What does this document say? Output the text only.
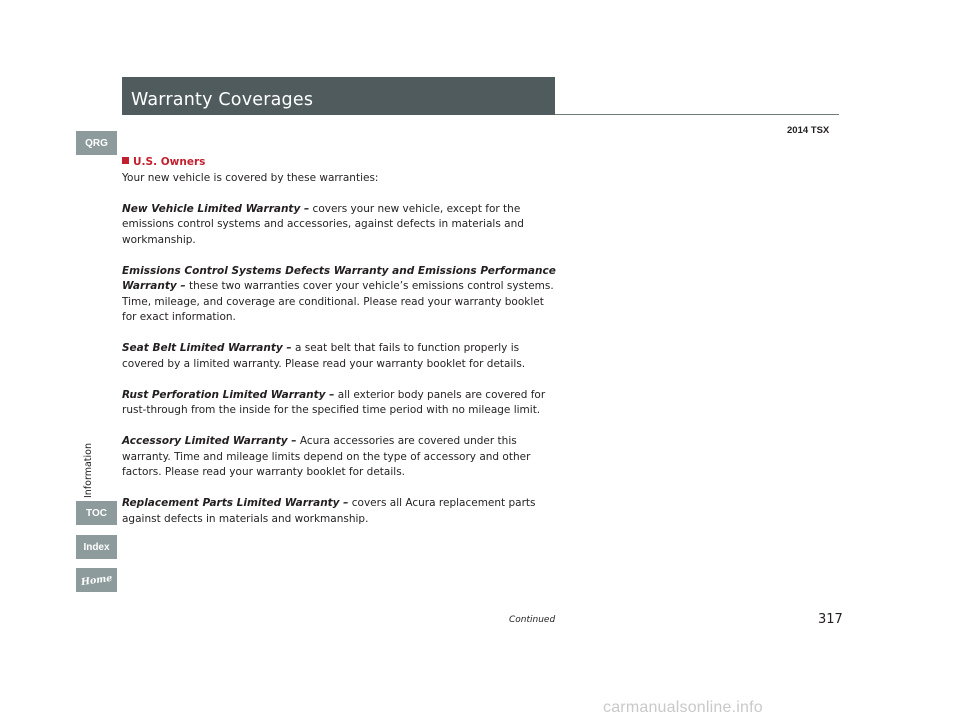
Warranty Coverages
2014 TSX
QRG
Information
TOC
Index
Home
U.S. Owners
Your new vehicle is covered by these warranties:
New Vehicle Limited Warranty – covers your new vehicle, except for the emissions control systems and accessories, against defects in materials and workmanship.
Emissions Control Systems Defects Warranty and Emissions Performance Warranty – these two warranties cover your vehicle’s emissions control systems. Time, mileage, and coverage are conditional. Please read your warranty booklet for exact information.
Seat Belt Limited Warranty – a seat belt that fails to function properly is covered by a limited warranty. Please read your warranty booklet for details.
Rust Perforation Limited Warranty – all exterior body panels are covered for rust-through from the inside for the specified time period with no mileage limit.
Accessory Limited Warranty – Acura accessories are covered under this warranty. Time and mileage limits depend on the type of accessory and other factors. Please read your warranty booklet for details.
Replacement Parts Limited Warranty – covers all Acura replacement parts against defects in materials and workmanship.
Continued	317
carmanualsonline.info
